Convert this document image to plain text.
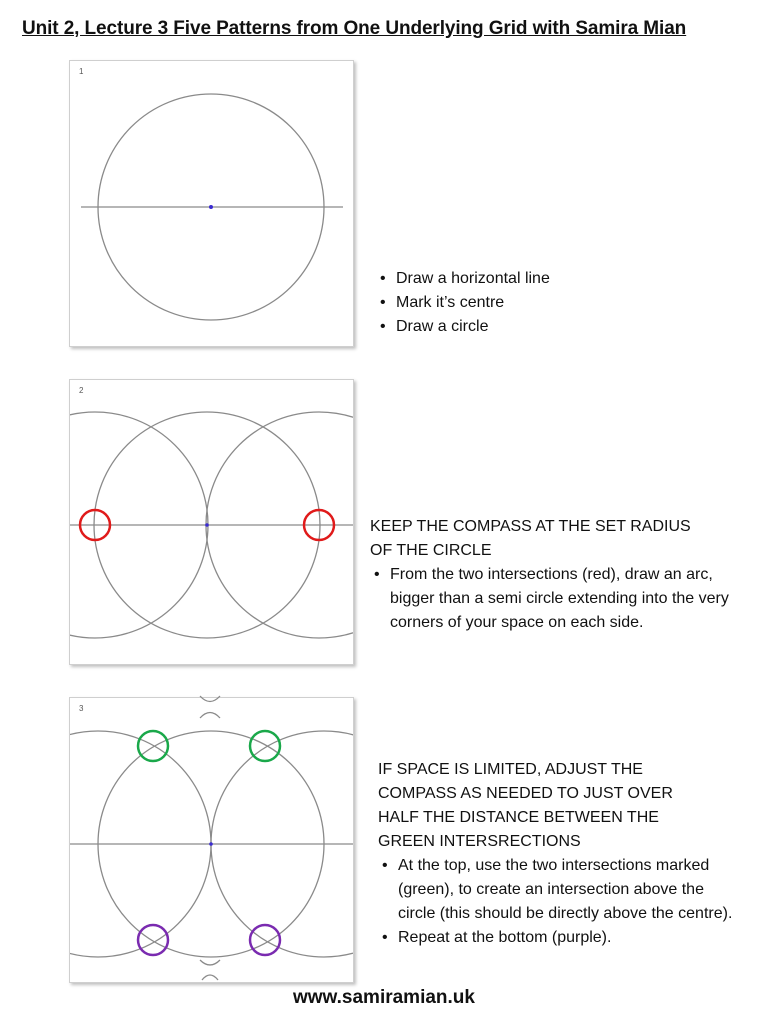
Unit 2, Lecture 3 Five Patterns from One Underlying Grid with Samira Mian
1
• Draw a horizontal line
• Mark it’s centre
• Draw a circle
2
KEEP THE COMPASS AT THE SET RADIUS
OF THE CIRCLE
• From the two intersections (red), draw an arc, bigger than a semi circle extending into the very corners of your space on each side.
3
IF SPACE IS LIMITED, ADJUST THE
COMPASS AS NEEDED TO JUST OVER
HALF THE DISTANCE BETWEEN THE
GREEN INTERSRECTIONS
• At the top, use the two intersections marked (green), to create an intersection above the circle (this should be directly above the centre).
• Repeat at the bottom (purple).
www.samiramian.uk
